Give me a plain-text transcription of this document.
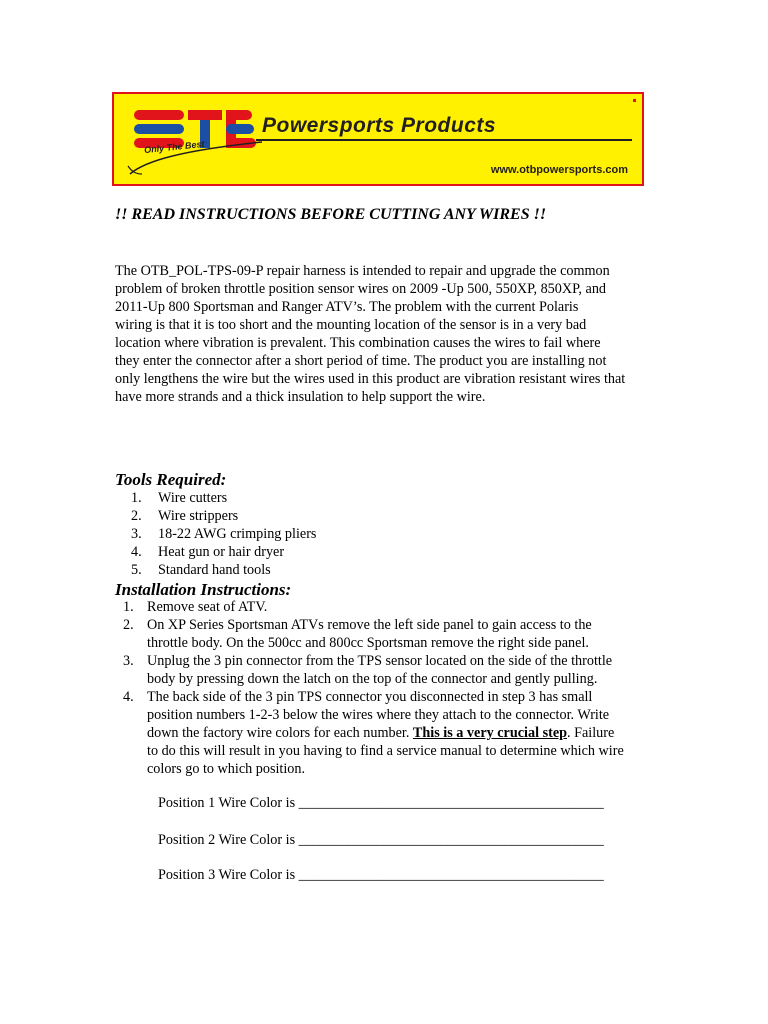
Powersports Products
Only The Best
www.otbpowersports.com
!! READ INSTRUCTIONS BEFORE CUTTING ANY WIRES !!
The OTB_POL-TPS-09-P repair harness is intended to repair and upgrade the common
problem of broken throttle position sensor wires on 2009 -Up 500, 550XP, 850XP, and
2011-Up 800 Sportsman and Ranger ATV’s. The problem with the current Polaris
wiring is that it is too short and the mounting location of the sensor is in a very bad
location where vibration is prevalent. This combination causes the wires to fail where
they enter the connector after a short period of time. The product you are installing not
only lengthens the wire but the wires used in this product are vibration resistant wires that
have more strands and a thick insulation to help support the wire.
Tools Required:
1.	Wire cutters
2.	Wire strippers
3.	18-22 AWG crimping pliers
4.	Heat gun or hair dryer
5.	Standard hand tools
Installation Instructions:
1. Remove seat of ATV.
2. On XP Series Sportsman ATVs remove the left side panel to gain access to the
throttle body. On the 500cc and 800cc Sportsman remove the right side panel.
3. Unplug the 3 pin connector from the TPS sensor located on the side of the throttle
body by pressing down the latch on the top of the connector and gently pulling.
4. The back side of the 3 pin TPS connector you disconnected in step 3 has small
position numbers 1-2-3 below the wires where they attach to the connector. Write
down the factory wire colors for each number. This is a very crucial step. Failure
to do this will result in you having to find a service manual to determine which wire
colors go to which position.
Position 1 Wire Color is ___________________________________________
Position 2 Wire Color is ___________________________________________
Position 3 Wire Color is ___________________________________________
